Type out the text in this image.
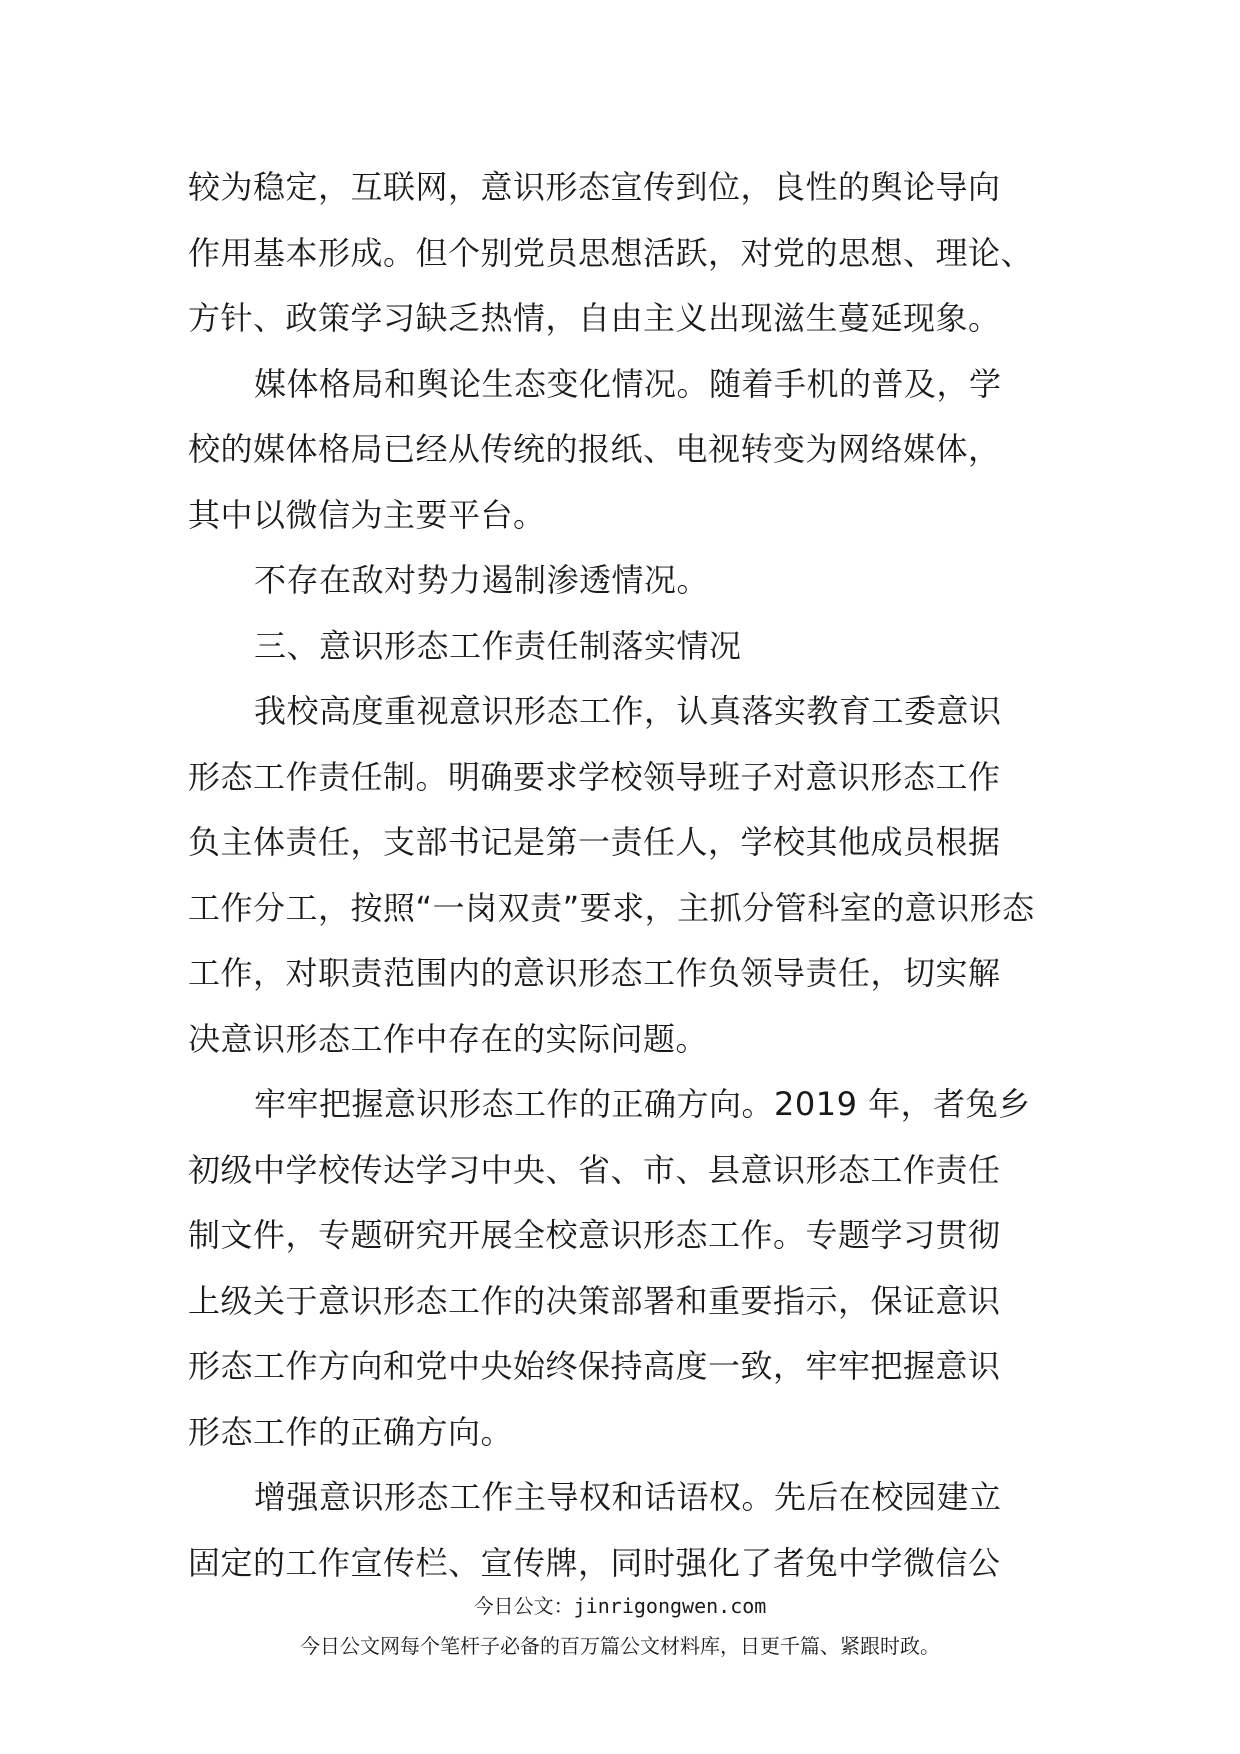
较为稳定，互联网，意识形态宣传到位，良性的舆论导向
作用基本形成。但个别党员思想活跃，对党的思想、理论、
方针、政策学习缺乏热情，自由主义出现滋生蔓延现象。
媒体格局和舆论生态变化情况。随着手机的普及，学
校的媒体格局已经从传统的报纸、电视转变为网络媒体，
其中以微信为主要平台。
不存在敌对势力遏制渗透情况。
三、意识形态工作责任制落实情况
我校高度重视意识形态工作，认真落实教育工委意识
形态工作责任制。明确要求学校领导班子对意识形态工作
负主体责任，支部书记是第一责任人，学校其他成员根据
工作分工，按照“一岗双责”要求，主抓分管科室的意识形态
工作，对职责范围内的意识形态工作负领导责任，切实解
决意识形态工作中存在的实际问题。
牢牢把握意识形态工作的正确方向。2019 年，者兔乡
初级中学校传达学习中央、省、市、县意识形态工作责任
制文件，专题研究开展全校意识形态工作。专题学习贯彻
上级关于意识形态工作的决策部署和重要指示，保证意识
形态工作方向和党中央始终保持高度一致，牢牢把握意识
形态工作的正确方向。
增强意识形态工作主导权和话语权。先后在校园建立
固定的工作宣传栏、宣传牌，同时强化了者兔中学微信公
今日公文：jinrigongwen.com
今日公文网每个笔杆子必备的百万篇公文材料库，日更千篇、紧跟时政。
